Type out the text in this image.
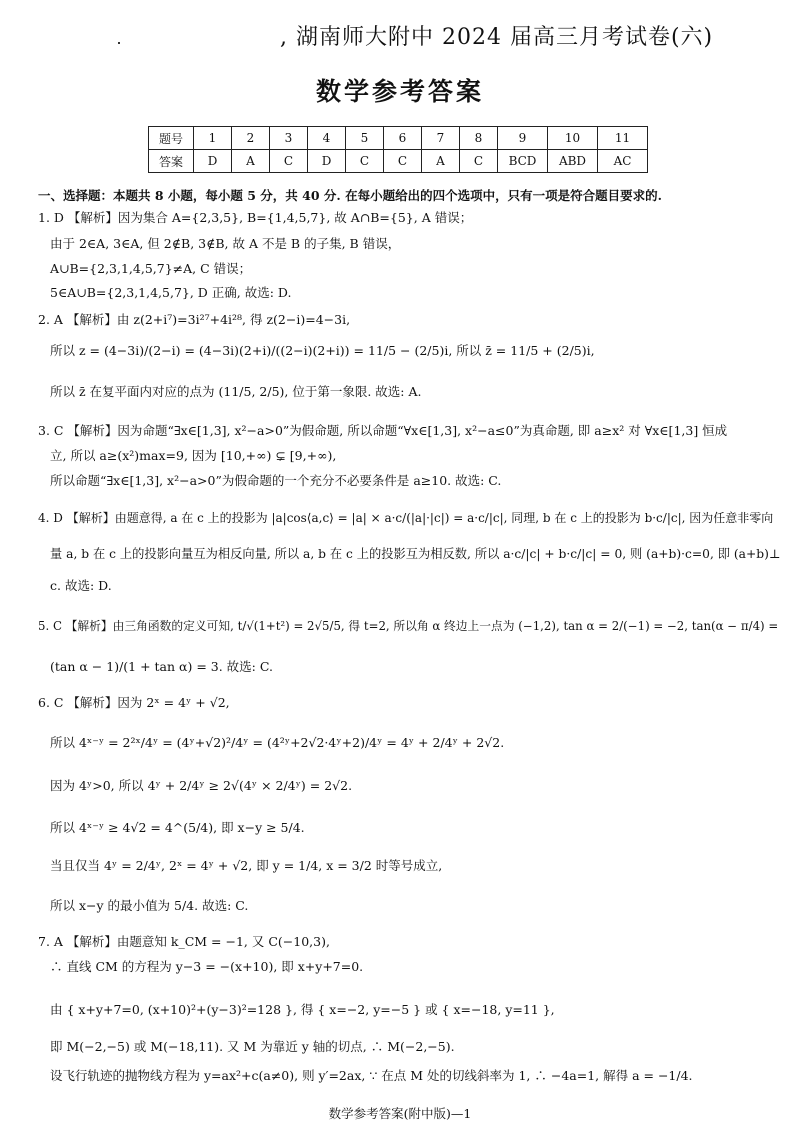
, 湖南师大附中 2024 届高三月考试卷(六)
数学参考答案
题号	1	2	3	4	5	6	7	8	9	10	11
答案	D	A	C	D	C	C	A	C	BCD	ABD	AC
一、选择题：本题共 8 小题，每小题 5 分，共 40 分. 在每小题给出的四个选项中，只有一项是符合题目要求的.
1. D 【解析】因为集合 A={2,3,5}, B={1,4,5,7}, 故 A∩B={5}, A 错误；
由于 2∈A, 3∈A, 但 2∉B, 3∉B, 故 A 不是 B 的子集, B 错误，
A∪B={2,3,1,4,5,7}≠A, C 错误；
5∈A∪B={2,3,1,4,5,7}, D 正确, 故选: D.
2. A 【解析】由 z(2+i⁷)=3i²⁷+4i²⁸, 得 z(2−i)=4−3i,
所以 z = (4−3i)/(2−i) = (4−3i)(2+i)/((2−i)(2+i)) = 11/5 − (2/5)i, 所以 z̄ = 11/5 + (2/5)i,
所以 z̄ 在复平面内对应的点为 (11/5, 2/5), 位于第一象限. 故选: A.
3. C 【解析】因为命题“∃x∈[1,3], x²−a>0”为假命题, 所以命题“∀x∈[1,3], x²−a≤0”为真命题, 即 a≥x² 对 ∀x∈[1,3] 恒成
立, 所以 a≥(x²)max=9, 因为 [10,+∞) ⊊ [9,+∞),
所以命题“∃x∈[1,3], x²−a>0”为假命题的一个充分不必要条件是 a≥10. 故选: C.
4. D 【解析】由题意得, a 在 c 上的投影为 |a|cos⟨a,c⟩ = |a| × a·c/(|a|·|c|) = a·c/|c|, 同理, b 在 c 上的投影为 b·c/|c|, 因为任意非零向
量 a, b 在 c 上的投影向量互为相反向量, 所以 a, b 在 c 上的投影互为相反数, 所以 a·c/|c| + b·c/|c| = 0, 则 (a+b)·c=0, 即 (a+b)⊥
c. 故选: D.
5. C 【解析】由三角函数的定义可知, t/√(1+t²) = 2√5/5, 得 t=2, 所以角 α 终边上一点为 (−1,2), tan α = 2/(−1) = −2, tan(α − π/4) =
(tan α − 1)/(1 + tan α) = 3. 故选: C.
6. C 【解析】因为 2ˣ = 4ʸ + √2,
所以 4ˣ⁻ʸ = 2²ˣ/4ʸ = (4ʸ+√2)²/4ʸ = (4²ʸ+2√2·4ʸ+2)/4ʸ = 4ʸ + 2/4ʸ + 2√2.
因为 4ʸ>0, 所以 4ʸ + 2/4ʸ ≥ 2√(4ʸ × 2/4ʸ) = 2√2.
所以 4ˣ⁻ʸ ≥ 4√2 = 4^(5/4), 即 x−y ≥ 5/4.
当且仅当 4ʸ = 2/4ʸ, 2ˣ = 4ʸ + √2, 即 y = 1/4, x = 3/2 时等号成立,
所以 x−y 的最小值为 5/4. 故选: C.
7. A 【解析】由题意知 k_CM = −1, 又 C(−10,3),
∴ 直线 CM 的方程为 y−3 = −(x+10), 即 x+y+7=0.
由 { x+y+7=0, (x+10)²+(y−3)²=128 }, 得 { x=−2, y=−5 } 或 { x=−18, y=11 },
即 M(−2,−5) 或 M(−18,11). 又 M 为靠近 y 轴的切点, ∴ M(−2,−5).
设飞行轨迹的抛物线方程为 y=ax²+c(a≠0), 则 y′=2ax, ∵ 在点 M 处的切线斜率为 1, ∴ −4a=1, 解得 a = −1/4.
数学参考答案(附中版)—1
